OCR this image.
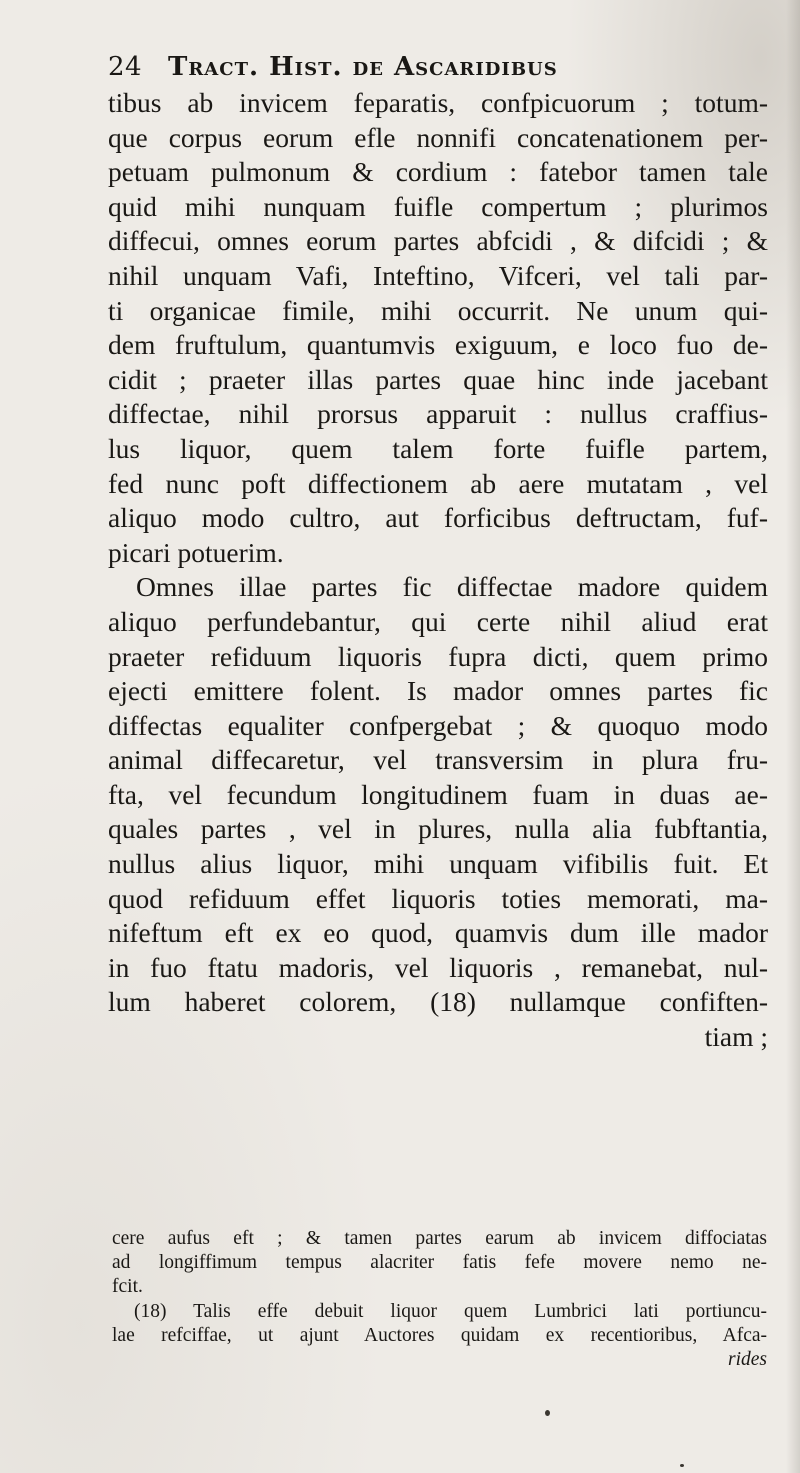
24 Tract. Hist. de Ascaridibus
tibus ab invicem feparatis, confpicuorum ; totum-
que corpus eorum efle nonnifi concatenationem per-
petuam pulmonum & cordium : fatebor tamen tale
quid mihi nunquam fuifle compertum ; plurimos
diffecui, omnes eorum partes abfcidi , & difcidi ; &
nihil unquam Vafi, Inteftino, Vifceri, vel tali par-
ti organicae fimile, mihi occurrit. Ne unum qui-
dem fruftulum, quantumvis exiguum, e loco fuo de-
cidit ; praeter illas partes quae hinc inde jacebant
diffectae, nihil prorsus apparuit : nullus craffius-
lus liquor, quem talem forte fuifle partem,
fed nunc poft diffectionem ab aere mutatam , vel
aliquo modo cultro, aut forficibus deftructam, fuf-
picari potuerim.
Omnes illae partes fic diffectae madore quidem
aliquo perfundebantur, qui certe nihil aliud erat
praeter refiduum liquoris fupra dicti, quem primo
ejecti emittere folent. Is mador omnes partes fic
diffectas equaliter confpergebat ; & quoquo modo
animal diffecaretur, vel transversim in plura fru-
fta, vel fecundum longitudinem fuam in duas ae-
quales partes , vel in plures, nulla alia fubftantia,
nullus alius liquor, mihi unquam vifibilis fuit. Et
quod refiduum effet liquoris toties memorati, ma-
nifeftum eft ex eo quod, quamvis dum ille mador
in fuo ftatu madoris, vel liquoris , remanebat, nul-
lum haberet colorem, (18) nullamque confiften-
tiam ;
cere aufus eft ; & tamen partes earum ab invicem diffociatas
ad longiffimum tempus alacriter fatis fefe movere nemo ne-
fcit.
(18) Talis effe debuit liquor quem Lumbrici lati portiuncu-
lae refciffae, ut ajunt Auctores quidam ex recentioribus, Afca-
rides
